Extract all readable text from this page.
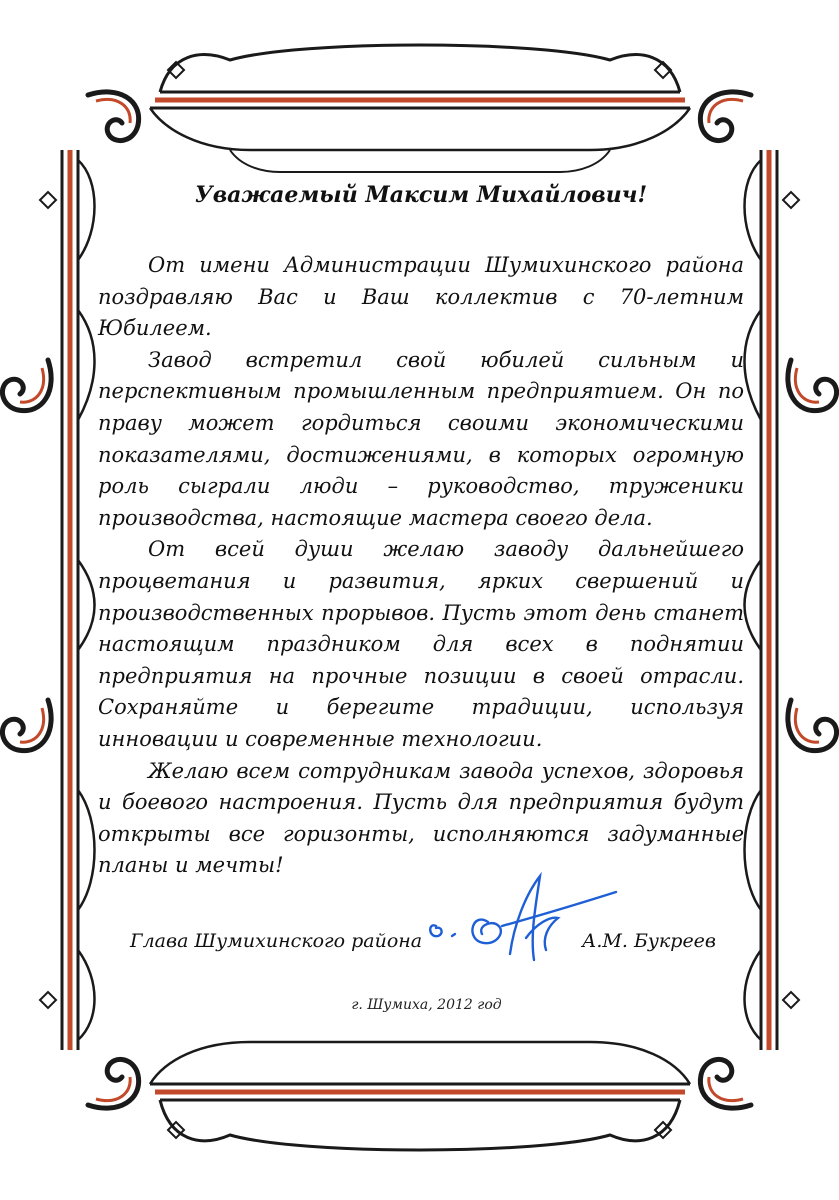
Уважаемый Максим Михайлович!

От имени Администрации Шумихинского района поздравляю Вас и Ваш коллектив с 70-летним Юбилеем.

Завод встретил свой юбилей сильным и перспективным промышленным предприятием. Он по праву может гордиться своими экономическими показателями, достижениями, в которых огромную роль сыграли люди – руководство, труженики производства, настоящие мастера своего дела.

От всей души желаю заводу дальнейшего процветания и развития, ярких свершений и производственных прорывов. Пусть этот день станет настоящим праздником для всех в поднятии предприятия на прочные позиции в своей отрасли. Сохраняйте и берегите традиции, используя инновации и современные технологии.

Желаю всем сотрудникам завода успехов, здоровья и боевого настроения. Пусть для предприятия будут открыты все горизонты, исполняются задуманные планы и мечты!

Глава Шумихинского района	А.М. Букреев
г. Шумиха, 2012 год
